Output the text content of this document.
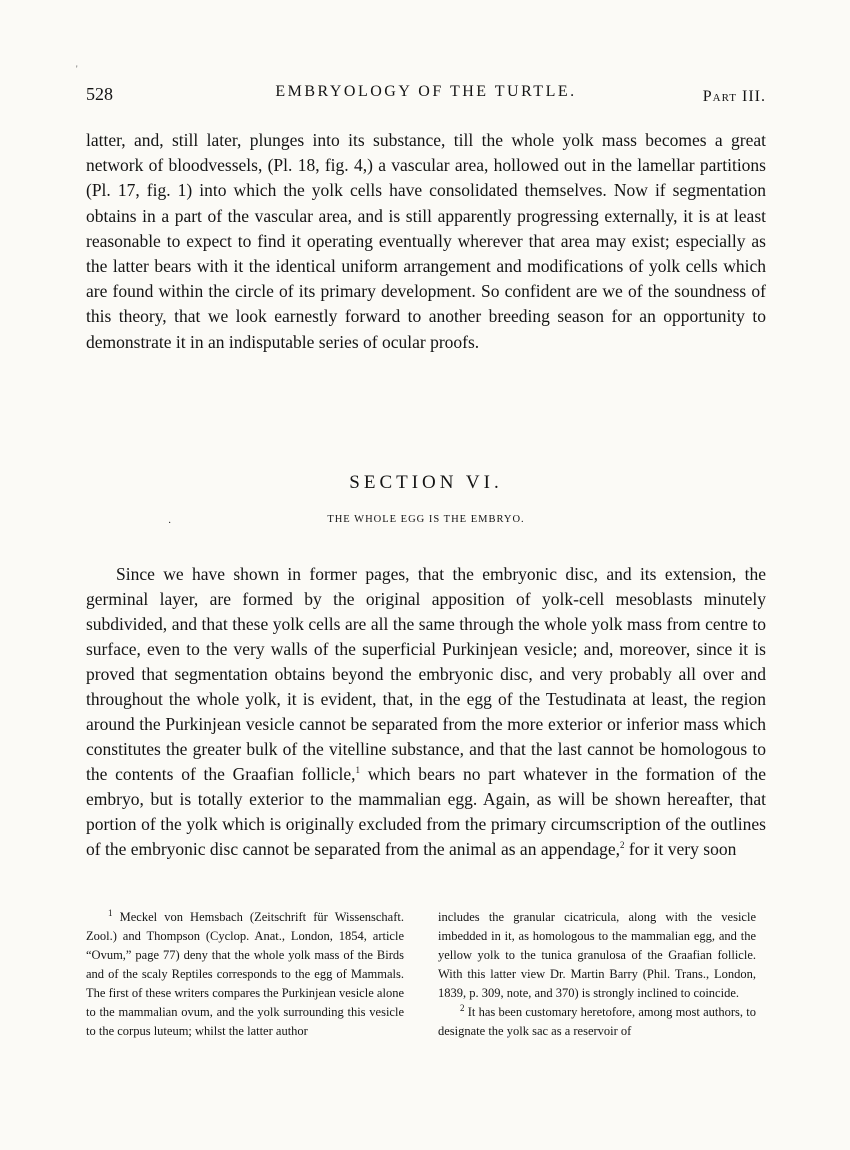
'
528	EMBRYOLOGY OF THE TURTLE.	Part III.

latter, and, still later, plunges into its substance, till the whole yolk mass becomes a great network of bloodvessels, (Pl. 18, fig. 4,) a vascular area, hollowed out in the lamellar partitions (Pl. 17, fig. 1) into which the yolk cells have consolidated themselves. Now if segmentation obtains in a part of the vascular area, and is still apparently progressing externally, it is at least reasonable to expect to find it operating eventually wherever that area may exist; especially as the latter bears with it the identical uniform arrangement and modifications of yolk cells which are found within the circle of its primary development. So confident are we of the soundness of this theory, that we look earnestly forward to another breeding season for an opportunity to demonstrate it in an indisputable series of ocular proofs.

SECTION VI.
·	THE WHOLE EGG IS THE EMBRYO.

Since we have shown in former pages, that the embryonic disc, and its extension, the germinal layer, are formed by the original apposition of yolk-cell mesoblasts minutely subdivided, and that these yolk cells are all the same through the whole yolk mass from centre to surface, even to the very walls of the superficial Purkinjean vesicle; and, moreover, since it is proved that segmentation obtains beyond the embryonic disc, and very probably all over and throughout the whole yolk, it is evident, that, in the egg of the Testudinata at least, the region around the Purkinjean vesicle cannot be separated from the more exterior or inferior mass which constitutes the greater bulk of the vitelline substance, and that the last cannot be homologous to the contents of the Graafian follicle,$^1$ which bears no part whatever in the formation of the embryo, but is totally exterior to the mammalian egg. Again, as will be shown hereafter, that portion of the yolk which is originally excluded from the primary circumscription of the outlines of the embryonic disc cannot be separated from the animal as an appendage,$^2$ for it very soon

$^1$ Meckel von Hemsbach (Zeitschrift für Wissenschaft. Zool.) and Thompson (Cyclop. Anat., London, 1854, article “Ovum,” page 77) deny that the whole yolk mass of the Birds and of the scaly Reptiles corresponds to the egg of Mammals. The first of these writers compares the Purkinjean vesicle alone to the mammalian ovum, and the yolk surrounding this vesicle to the corpus luteum; whilst the latter author

includes the granular cicatricula, along with the vesicle imbedded in it, as homologous to the mammalian egg, and the yellow yolk to the tunica granulosa of the Graafian follicle. With this latter view Dr. Martin Barry (Phil. Trans., London, 1839, p. 309, note, and 370) is strongly inclined to coincide.

$^2$ It has been customary heretofore, among most authors, to designate the yolk sac as a reservoir of
